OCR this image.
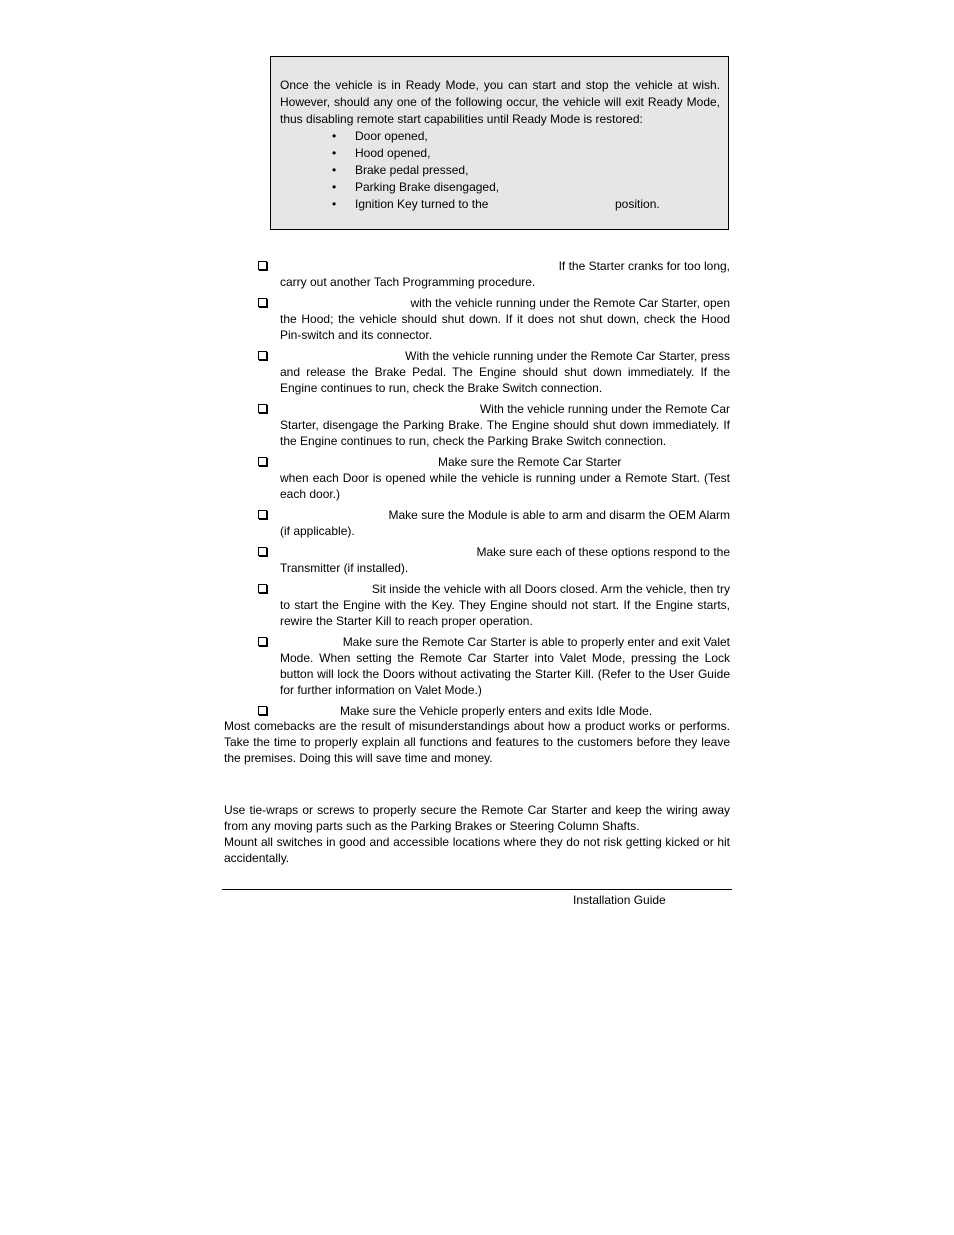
Once the vehicle is in Ready Mode, you can start and stop the vehicle at wish. However, should any one of the following occur, the vehicle will exit Ready Mode, thus disabling remote start capabilities until Ready Mode is restored:

• Door opened,
• Hood opened,
• Brake pedal pressed,
• Parking Brake disengaged,
• Ignition Key turned to the	position.
If the Starter cranks for too long,
carry out another Tach Programming procedure.
with the vehicle running under the Remote Car Starter, open
the Hood; the vehicle should shut down. If it does not shut down, check the Hood Pin-switch and its connector.
With the vehicle running under the Remote Car Starter, press
and release the Brake Pedal. The Engine should shut down immediately. If the Engine continues to run, check the Brake Switch connection.
With the vehicle running under the Remote Car
Starter, disengage the Parking Brake. The Engine should shut down immediately. If the Engine continues to run, check the Parking Brake Switch connection.
Make sure the Remote Car Starter
when each Door is opened while the vehicle is running under a Remote Start. (Test each door.)
Make sure the Module is able to arm and disarm the OEM Alarm
(if applicable).
Make sure each of these options respond to the
Transmitter (if installed).
Sit inside the vehicle with all Doors closed. Arm the vehicle, then try
to start the Engine with the Key. They Engine should not start. If the Engine starts, rewire the Starter Kill to reach proper operation.
Make sure the Remote Car Starter is able to properly enter and exit Valet
Mode. When setting the Remote Car Starter into Valet Mode, pressing the Lock button will lock the Doors without activating the Starter Kill. (Refer to the User Guide for further information on Valet Mode.)
Make sure the Vehicle properly enters and exits Idle Mode.

Most comebacks are the result of misunderstandings about how a product works or performs. Take the time to properly explain all functions and features to the customers before they leave the premises. Doing this will save time and money.

Use tie-wraps or screws to properly secure the Remote Car Starter and keep the wiring away from any moving parts such as the Parking Brakes or Steering Column Shafts.

Mount all switches in good and accessible locations where they do not risk getting kicked or hit accidentally.

Installation Guide
